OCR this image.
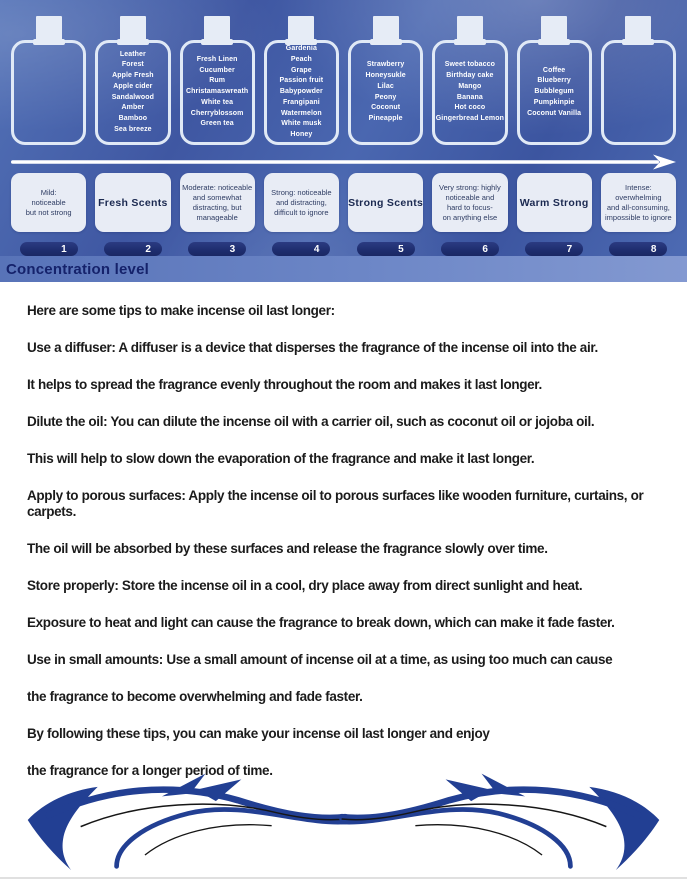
Leather
Forest
Apple Fresh
Apple cider
Sandalwood
Amber
Bamboo
Sea breeze
Fresh Linen
Cucumber
Rum
Christamaswreath
White tea
Cherryblossom
Green tea
Gardenia
Peach
Grape
Passion fruit
Babypowder
Frangipani
Watermelon
White musk
Honey
Strawberry
Honeysukle
Lilac
Peony
Coconut
Pineapple
Sweet tobacco
Birthday cake
Mango
Banana
Hot coco
Gingerbread Lemon
Coffee
Blueberry
Bubblegum
Pumpkinpie
Coconut Vanilla
Mild:
noticeable
but not strong
Fresh Scents
Moderate: noticeable
and somewhat
distracting, but
manageable
Strong: noticeable
and distracting,
difficult to ignore
Strong Scents
Very strong: highly
noticeable and
hard to focus-
on anything else
Warm Strong
Intense:
overwhelming
and all-consuming,
impossible to ignore
1	2	3	4	5	6	7	8
Concentration level

Here are some tips to make incense oil last longer:

Use a diffuser: A diffuser is a device that disperses the fragrance of the incense oil into the air.

It helps to spread the fragrance evenly throughout the room and makes it last longer.

Dilute the oil: You can dilute the incense oil with a carrier oil, such as coconut oil or jojoba oil.

This will help to slow down the evaporation of the fragrance and make it last longer.

Apply to porous surfaces: Apply the incense oil to porous surfaces like wooden furniture, curtains, or carpets.

The oil will be absorbed by these surfaces and release the fragrance slowly over time.

Store properly: Store the incense oil in a cool, dry place away from direct sunlight and heat.

Exposure to heat and light can cause the fragrance to break down, which can make it fade faster.

Use in small amounts: Use a small amount of incense oil at a time, as using too much can cause

the fragrance to become overwhelming and fade faster.

By following these tips, you can make your incense oil last longer and enjoy

the fragrance for a longer period of time.
